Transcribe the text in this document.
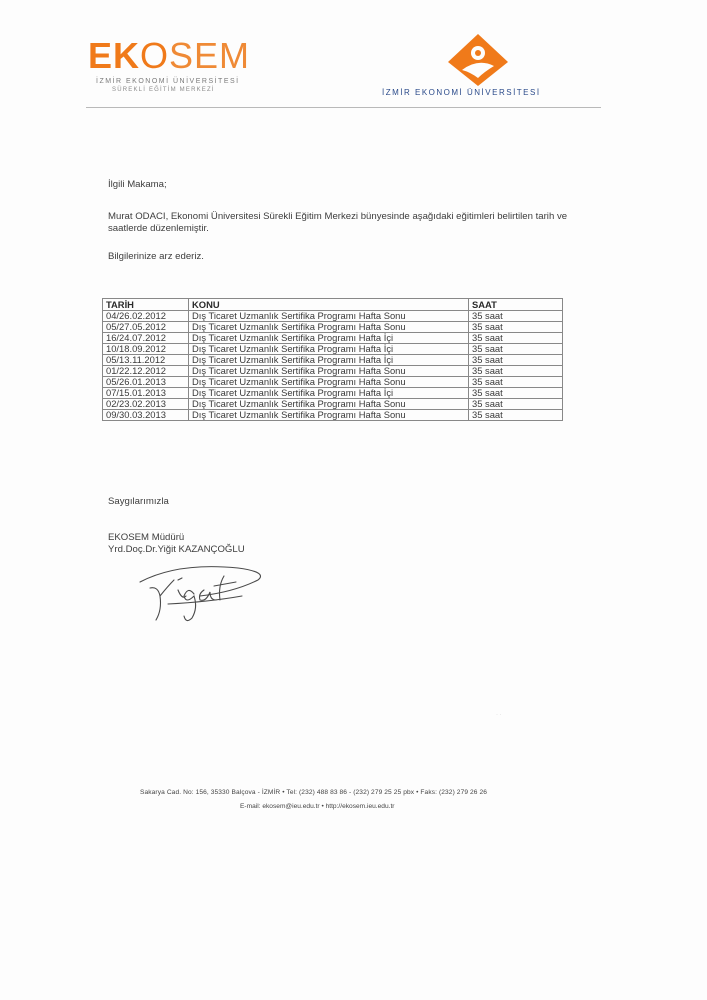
EKOSEM
İZMİR EKONOMİ ÜNİVERSİTESİ
SÜREKLİ EĞİTİM MERKEZİ	İZMİR EKONOMİ ÜNİVERSİTESİ
İlgili Makama;
Murat ODACI, Ekonomi Üniversitesi Sürekli Eğitim Merkezi bünyesinde aşağıdaki eğitimleri belirtilen tarih ve saatlerde düzenlemiştir.
Bilgilerinize arz ederiz.
TARİH	KONU	SAAT
04/26.02.2012	Dış Ticaret Uzmanlık Sertifika Programı Hafta Sonu	35 saat
05/27.05.2012	Dış Ticaret Uzmanlık Sertifika Programı Hafta Sonu	35 saat
16/24.07.2012	Dış Ticaret Uzmanlık Sertifika Programı Hafta İçi	35 saat
10/18.09.2012	Dış Ticaret Uzmanlık Sertifika Programı Hafta İçi	35 saat
05/13.11.2012	Dış Ticaret Uzmanlık Sertifika Programı Hafta İçi	35 saat
01/22.12.2012	Dış Ticaret Uzmanlık Sertifika Programı Hafta Sonu	35 saat
05/26.01.2013	Dış Ticaret Uzmanlık Sertifika Programı Hafta Sonu	35 saat
07/15.01.2013	Dış Ticaret Uzmanlık Sertifika Programı Hafta İçi	35 saat
02/23.02.2013	Dış Ticaret Uzmanlık Sertifika Programı Hafta Sonu	35 saat
09/30.03.2013	Dış Ticaret Uzmanlık Sertifika Programı Hafta Sonu	35 saat
Saygılarımızla
EKOSEM Müdürü
Yrd.Doç.Dr.Yiğit KAZANÇOĞLU
· ·
Sakarya Cad. No: 156, 35330 Balçova - İZMİR • Tel: (232) 488 83 86 - (232) 279 25 25 pbx • Faks: (232) 279 26 26
E-mail: ekosem@ieu.edu.tr • http://ekosem.ieu.edu.tr
